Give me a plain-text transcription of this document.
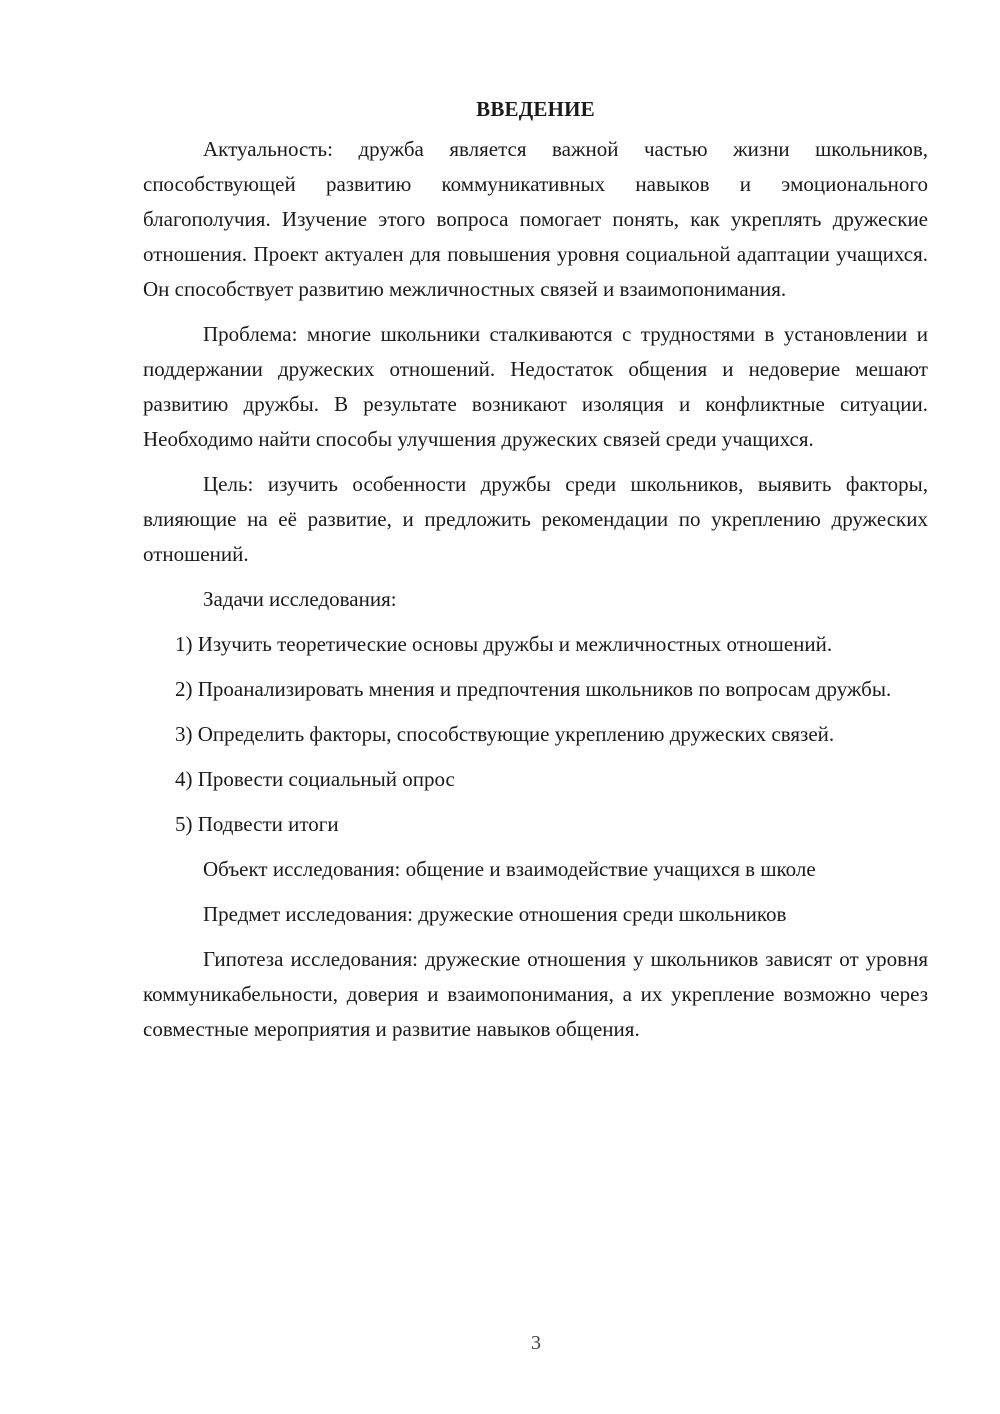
ВВЕДЕНИЕ

Актуальность: дружба является важной частью жизни школьников, способствующей развитию коммуникативных навыков и эмоционального благополучия. Изучение этого вопроса помогает понять, как укреплять дружеские отношения. Проект актуален для повышения уровня социальной адаптации учащихся. Он способствует развитию межличностных связей и взаимопонимания.

Проблема: многие школьники сталкиваются с трудностями в установлении и поддержании дружеских отношений. Недостаток общения и недоверие мешают развитию дружбы. В результате возникают изоляция и конфликтные ситуации. Необходимо найти способы улучшения дружеских связей среди учащихся.

Цель: изучить особенности дружбы среди школьников, выявить факторы, влияющие на её развитие, и предложить рекомендации по укреплению дружеских отношений.

Задачи исследования:

1) Изучить теоретические основы дружбы и межличностных отношений.

2) Проанализировать мнения и предпочтения школьников по вопросам дружбы.

3) Определить факторы, способствующие укреплению дружеских связей.

4) Провести социальный опрос

5) Подвести итоги

Объект исследования: общение и взаимодействие учащихся в школе

Предмет исследования: дружеские отношения среди школьников

Гипотеза исследования: дружеские отношения у школьников зависят от уровня коммуникабельности, доверия и взаимопонимания, а их укрепление возможно через совместные мероприятия и развитие навыков общения.

3
